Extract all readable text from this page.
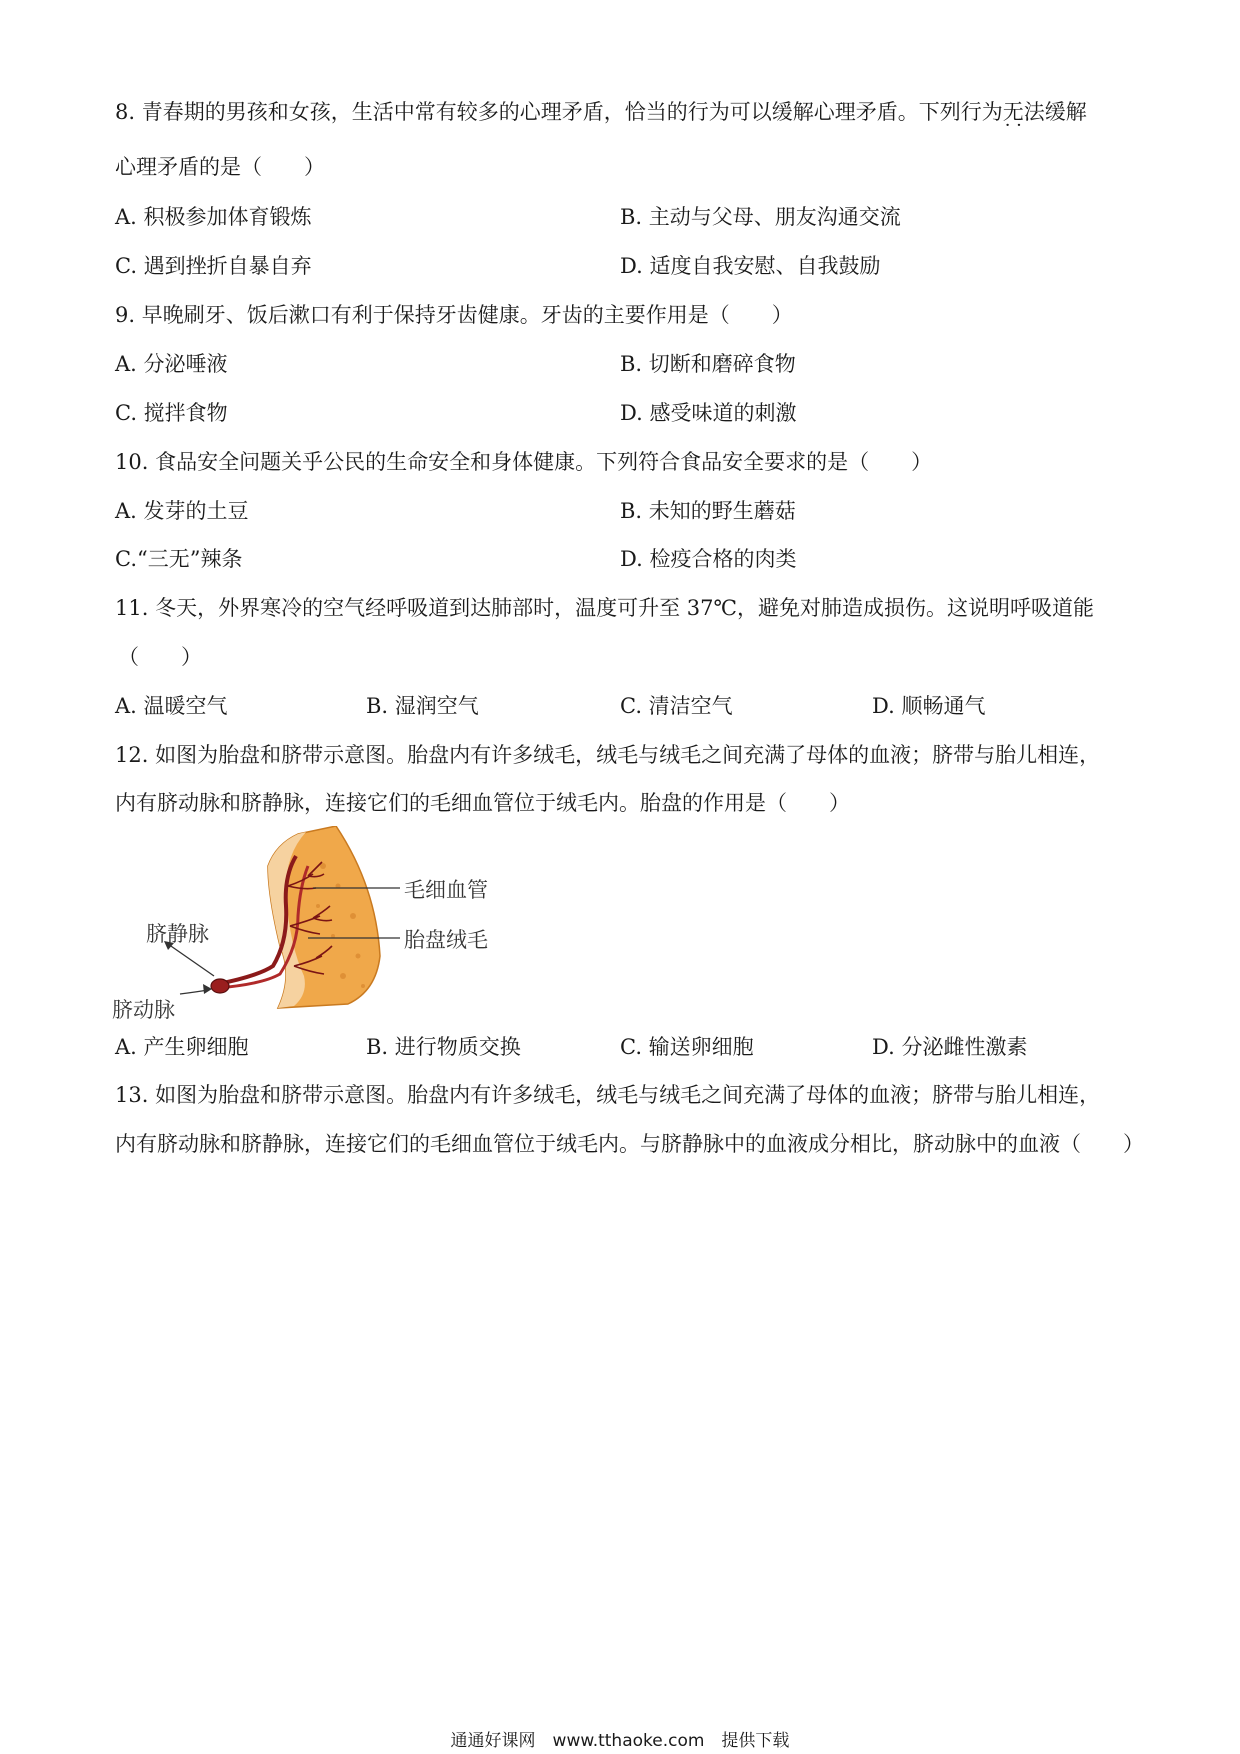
8. 青春期的男孩和女孩，生活中常有较多的心理矛盾，恰当的行为可以缓解心理矛盾。下列行为无法 · ·缓解
心理矛盾的是（　　）
A. 积极参加体育锻炼	B. 主动与父母、朋友沟通交流
C. 遇到挫折自暴自弃	D. 适度自我安慰、自我鼓励
9. 早晚刷牙、饭后漱口有利于保持牙齿健康。牙齿的主要作用是（　　）
A. 分泌唾液	B. 切断和磨碎食物
C. 搅拌食物	D. 感受味道的刺激
10. 食品安全问题关乎公民的生命安全和身体健康。下列符合食品安全要求的是（　　）
A. 发芽的土豆	B. 未知的野生蘑菇
C.“三无”辣条	D. 检疫合格的肉类
11. 冬天，外界寒冷的空气经呼吸道到达肺部时，温度可升至 37℃，避免对肺造成损伤。这说明呼吸道能
（　　）
A. 温暖空气	B. 湿润空气	C. 清洁空气	D. 顺畅通气
12. 如图为胎盘和脐带示意图。胎盘内有许多绒毛，绒毛与绒毛之间充满了母体的血液；脐带与胎儿相连，
内有脐动脉和脐静脉，连接它们的毛细血管位于绒毛内。胎盘的作用是（　　）
毛细血管
胎盘绒毛
脐静脉
脐动脉
A. 产生卵细胞	B. 进行物质交换	C. 输送卵细胞	D. 分泌雌性激素
13. 如图为胎盘和脐带示意图。胎盘内有许多绒毛，绒毛与绒毛之间充满了母体的血液；脐带与胎儿相连，
内有脐动脉和脐静脉，连接它们的毛细血管位于绒毛内。与脐静脉中的血液成分相比，脐动脉中的血液（　　）
通通好课网　www.tthaoke.com　提供下载
